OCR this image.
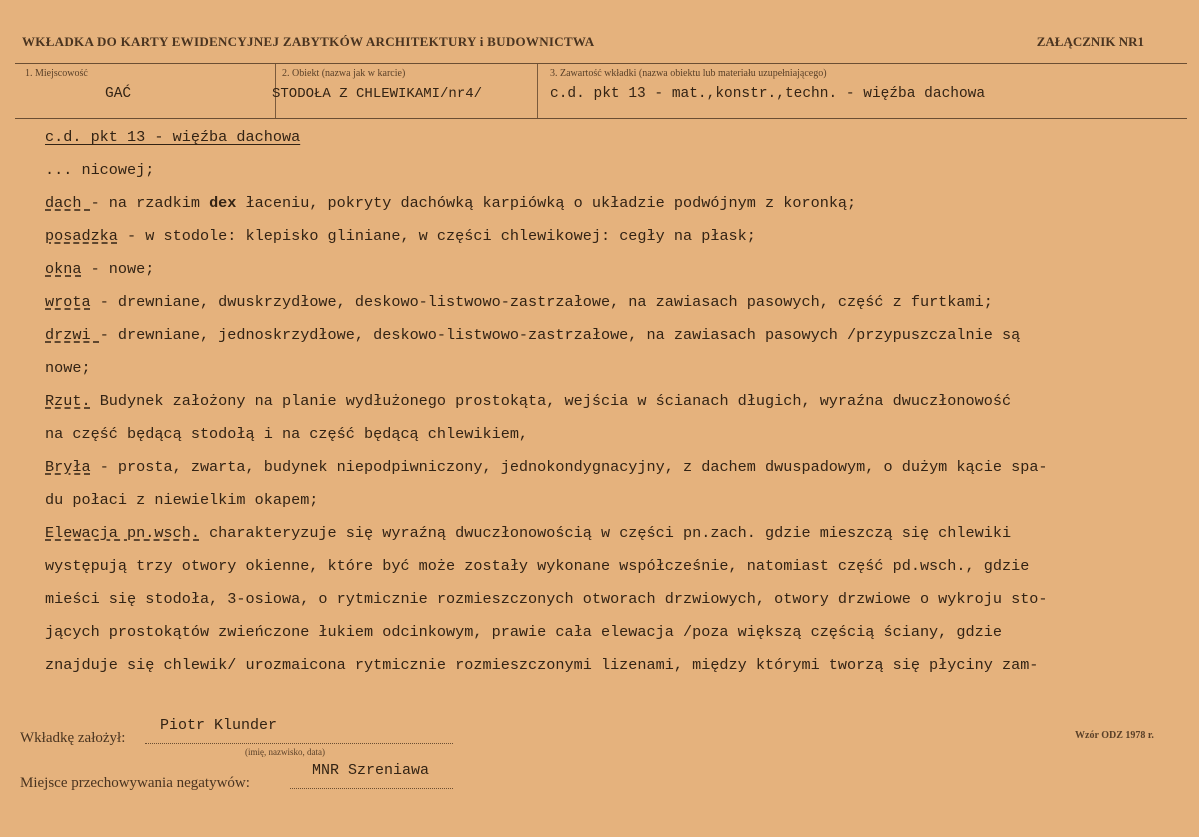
WKŁADKA DO KARTY EWIDENCYJNEJ ZABYTKÓW ARCHITEKTURY i BUDOWNICTWA	ZAŁĄCZNIK NR1
1. Miejscowość
GAĆ
2. Obiekt (nazwa jak w karcie)
STODOŁA Z CHLEWIKAMI/nr4/
3. Zawartość wkładki (nazwa obiektu lub materiału uzupełniającego)
c.d. pkt 13 - mat.,konstr.,techn. - więźba dachowa
c.d. pkt 13 - więźba dachowa
... nicowej;
dach - na rzadkim dex łaceniu, pokryty dachówką karpiówką o układzie podwójnym z koronką;
posadzka - w stodole: klepisko gliniane, w części chlewikowej: cegły na płask;
okna - nowe;
wrota - drewniane, dwuskrzydłowe, deskowo-listwowo-zastrzałowe, na zawiasach pasowych, część z furtkami;
drzwi - drewniane, jednoskrzydłowe, deskowo-listwowo-zastrzałowe, na zawiasach pasowych /przypuszczalnie są
nowe;
Rzut. Budynek założony na planie wydłużonego prostokąta, wejścia w ścianach długich, wyraźna dwuczłonowość
na część będącą stodołą i na część będącą chlewikiem,
Bryła - prosta, zwarta, budynek niepodpiwniczony, jednokondygnacyjny, z dachem dwuspadowym, o dużym kącie spa-
du połaci z niewielkim okapem;
Elewacja pn.wsch. charakteryzuje się wyraźną dwuczłonowością w części pn.zach. gdzie mieszczą się chlewiki
występują trzy otwory okienne, które być może zostały wykonane współcześnie, natomiast część pd.wsch., gdzie
mieści się stodoła, 3-osiowa, o rytmicznie rozmieszczonych otworach drzwiowych, otwory drzwiowe o wykroju sto-
jących prostokątów zwieńczone łukiem odcinkowym, prawie cała elewacja /poza większą częścią ściany, gdzie
znajduje się chlewik/ urozmaicona rytmicznie rozmieszczonymi lizenami, między którymi tworzą się płyciny zam-
Wkładkę założył:
Piotr Klunder
(imię, nazwisko, data)
Miejsce przechowywania negatywów:
MNR Szreniawa
Wzór ODZ 1978 r.
